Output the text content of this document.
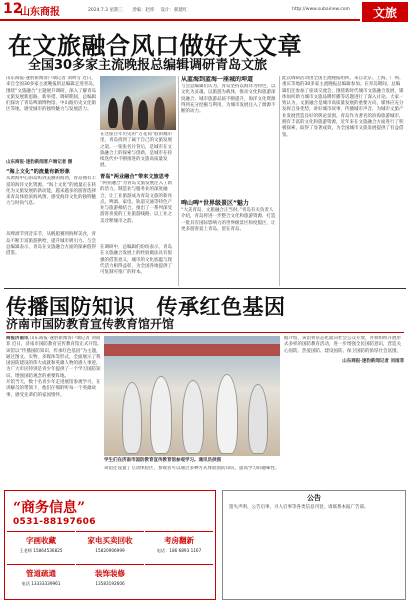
12
山东商报	2024.7.3 星期三　　责编：赵炜 　设计：郝建红	http://www.subainew.com	文旅
在文旅融合风口做好大文章
全国30多家主流晚报总编辑调研青岛文旅
山东商报·速豹新闻客户端记者 刘明雪 近日，来自全国30多家主流晚报的总编辑走进青岛，围绕“文旅融合”主题展开调研，深入了解青岛文旅发展新思路、新举措。调研期间，总编辑们探访了青岛啤酒博物馆、中山路历史文化街区等地，感受城市的独特魅力与发展活力。
山东商报·速豹新闻客户端记者 摄
“海上文化”的流量有新形象
从黄海中心的岛屿到美丽的海湾，青岛拥有丰富的海洋文化资源。“海上文化”的流量正在转化为文旅发展的新动能，越来越多的游客选择来青岛体验滨海风情，感受海洋文化的独特魅力与时尚气息。
从啤酒节到音乐节，从帆船赛到海鲜美食，青岛不断丰富旅游供给，提升城市吸引力。与会总编辑表示，青岛在文旅融合方面的探索值得借鉴。
在这座百年历史的“万花筒”般的城市里，青岛找到了属于自己的文旅发展之道。一张张名片背后，是城市在文旅融合上的探索与创新，是城市在持续迭代中不断推进的文旅高质量发展。
青岛“两业融合”带来文旅思考
“两业融合”为青岛文旅发展注入了新的活力。制造业与服务业的深度融合，让工业旅游成为青岛文旅的新亮点。啤酒、家电、轨道交通等特色产业与旅游相结合，推出了一系列深受游客喜爱的工业旅游线路，以工业之美诠释城市之韵。
在调研中，总编辑们纷纷表示，青岛在文旅融合发展上的经验做法具有很强的借鉴意义，城市的文化底蕴与现代活力相得益彰，为全国各地提供了可复制可推广的样本。
从蓝海到蓝海一座城的坤道
与会总编辑们认为，青岛坚持以海洋为特色，以文化为灵魂，以旅游为载体，推动文化和旅游深度融合，城市旅游品质不断提升，海洋文化资源得到充分挖掘与利用，为城市发展注入了源源不断的动力。
啤山啤“世界级景区”魅力
“大美青岛，文旅融合正当时。”青岛有关负责人介绍，青岛将进一步整合文化和旅游资源，打造一批具有国际影响力的世界级景区和度假区，让更多游客爱上青岛、留在青岛。
此次调研活动由全国主流晚报组织，来自北京、上海、广州、重庆等地的30多家主流晚报总编辑参加。在青岛期间，总编辑们还参加了座谈交流会，围绕新时代城市文旅融合发展、媒体如何助力城市文旅品牌传播等话题进行了深入讨论。大家一致认为，文旅融合是城市高质量发展的重要方向，媒体应充分发挥自身优势，讲好城市故事，传播城市声音，为城市文旅产业发展营造良好的舆论氛围。青岛作为著名的滨海旅游城市，拥有丰富的文化和旅游资源，近年来在文旅融合方面进行了积极探索，取得了显著成效，为全国城市文旅发展提供了有益借鉴。
传播国防知识　传承红色基因
济南市国防教育宣传教育馆开馆
商报济南讯 山东商报·速豹新闻客户端记者 刘雨菲 近日，济南市国防教育宣传教育馆正式开馆。该馆以“传播国防知识、传承红色基因”为主题，通过图文、实物、多媒体等形式，全面展示了我国国防建设的伟大成就和英雄人物的感人事迹，为广大市民特别是青少年提供了一个学习国防知识、增强国防观念的重要阵地。
开馆当天，数十名青少年走进展馆参观学习，在讲解员的带领下，他们仔细聆听每一个英雄故事，感受先辈们的家国情怀。
学生们在济南市国防教育宣传教育馆参观学习。通讯员供图
该馆还设置了互动体验区，参观者可以通过多种方式体验国防知识，提高学习的趣味性。
据介绍，该馆将常态化面向社会公众开放，并将组织开展形式多样的国防教育活动，进一步增强全民国防意识，营造关心国防、热爱国防、建设国防、保卫国防的浓厚社会氛围。
山东商报·速豹新闻记者 刘雨菲
“商务信息”
0531-88197606
字画收藏
王老师 15864536825
家电买卖回收
15820906999
考房翻新
电话：186 6893 1167
管道疏通
电话 13333339961
装饰装修
13583192606
公告
遗失声明、公告启事、寻人启事等各类信息刊登，请联系本报广告部。
